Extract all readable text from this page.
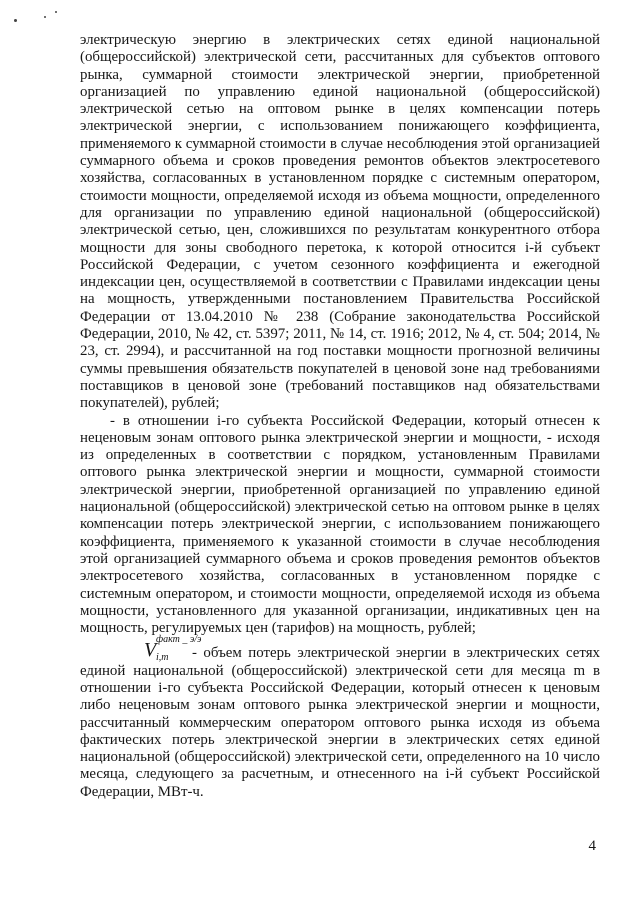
электрическую энергию в электрических сетях единой национальной (общероссийской) электрической сети, рассчитанных для субъектов оптового рынка, суммарной стоимости электрической энергии, приобретенной организацией по управлению единой национальной (общероссийской) электрической сетью на оптовом рынке в целях компенсации потерь электрической энергии, с использованием понижающего коэффициента, применяемого к суммарной стоимости в случае несоблюдения этой организацией суммарного объема и сроков проведения ремонтов объектов электросетевого хозяйства, согласованных в установленном порядке с системным оператором, стоимости мощности, определяемой исходя из объема мощности, определенного для организации по управлению единой национальной (общероссийской) электрической сетью, цен, сложившихся по результатам конкурентного отбора мощности для зоны свободного перетока, к которой относится i-й субъект Российской Федерации, с учетом сезонного коэффициента и ежегодной индексации цен, осуществляемой в соответствии с Правилами индексации цены на мощность, утвержденными постановлением Правительства Российской Федерации от 13.04.2010 № 238 (Собрание законодательства Российской Федерации, 2010, № 42, ст. 5397; 2011, № 14, ст. 1916; 2012, № 4, ст. 504; 2014, № 23, ст. 2994), и рассчитанной на год поставки мощности прогнозной величины суммы превышения обязательств покупателей в ценовой зоне над требованиями поставщиков в ценовой зоне (требований поставщиков над обязательствами покупателей), рублей;

- в отношении i-го субъекта Российской Федерации, который отнесен к неценовым зонам оптового рынка электрической энергии и мощности, - исходя из определенных в соответствии с порядком, установленным Правилами оптового рынка электрической энергии и мощности, суммарной стоимости электрической энергии, приобретенной организацией по управлению единой национальной (общероссийской) электрической сетью на оптовом рынке в целях компенсации потерь электрической энергии, с использованием понижающего коэффициента, применяемого к указанной стоимости в случае несоблюдения этой организацией суммарного объема и сроков проведения ремонтов объектов электросетевого хозяйства, согласованных в установленном порядке с системным оператором, и стоимости мощности, определяемой исходя из объема мощности, установленного для указанной организации, индикативных цен на мощность, регулируемых цен (тарифов) на мощность, рублей;

V факт _ э/э
i,m - объем потерь электрической энергии в электрических сетях единой национальной (общероссийской) электрической сети для месяца m в отношении i-го субъекта Российской Федерации, который отнесен к ценовым либо неценовым зонам оптового рынка электрической энергии и мощности, рассчитанный коммерческим оператором оптового рынка исходя из объема фактических потерь электрической энергии в электрических сетях единой национальной (общероссийской) электрической сети, определенного на 10 число месяца, следующего за расчетным, и отнесенного на i-й субъект Российской Федерации, МВт-ч.

4
